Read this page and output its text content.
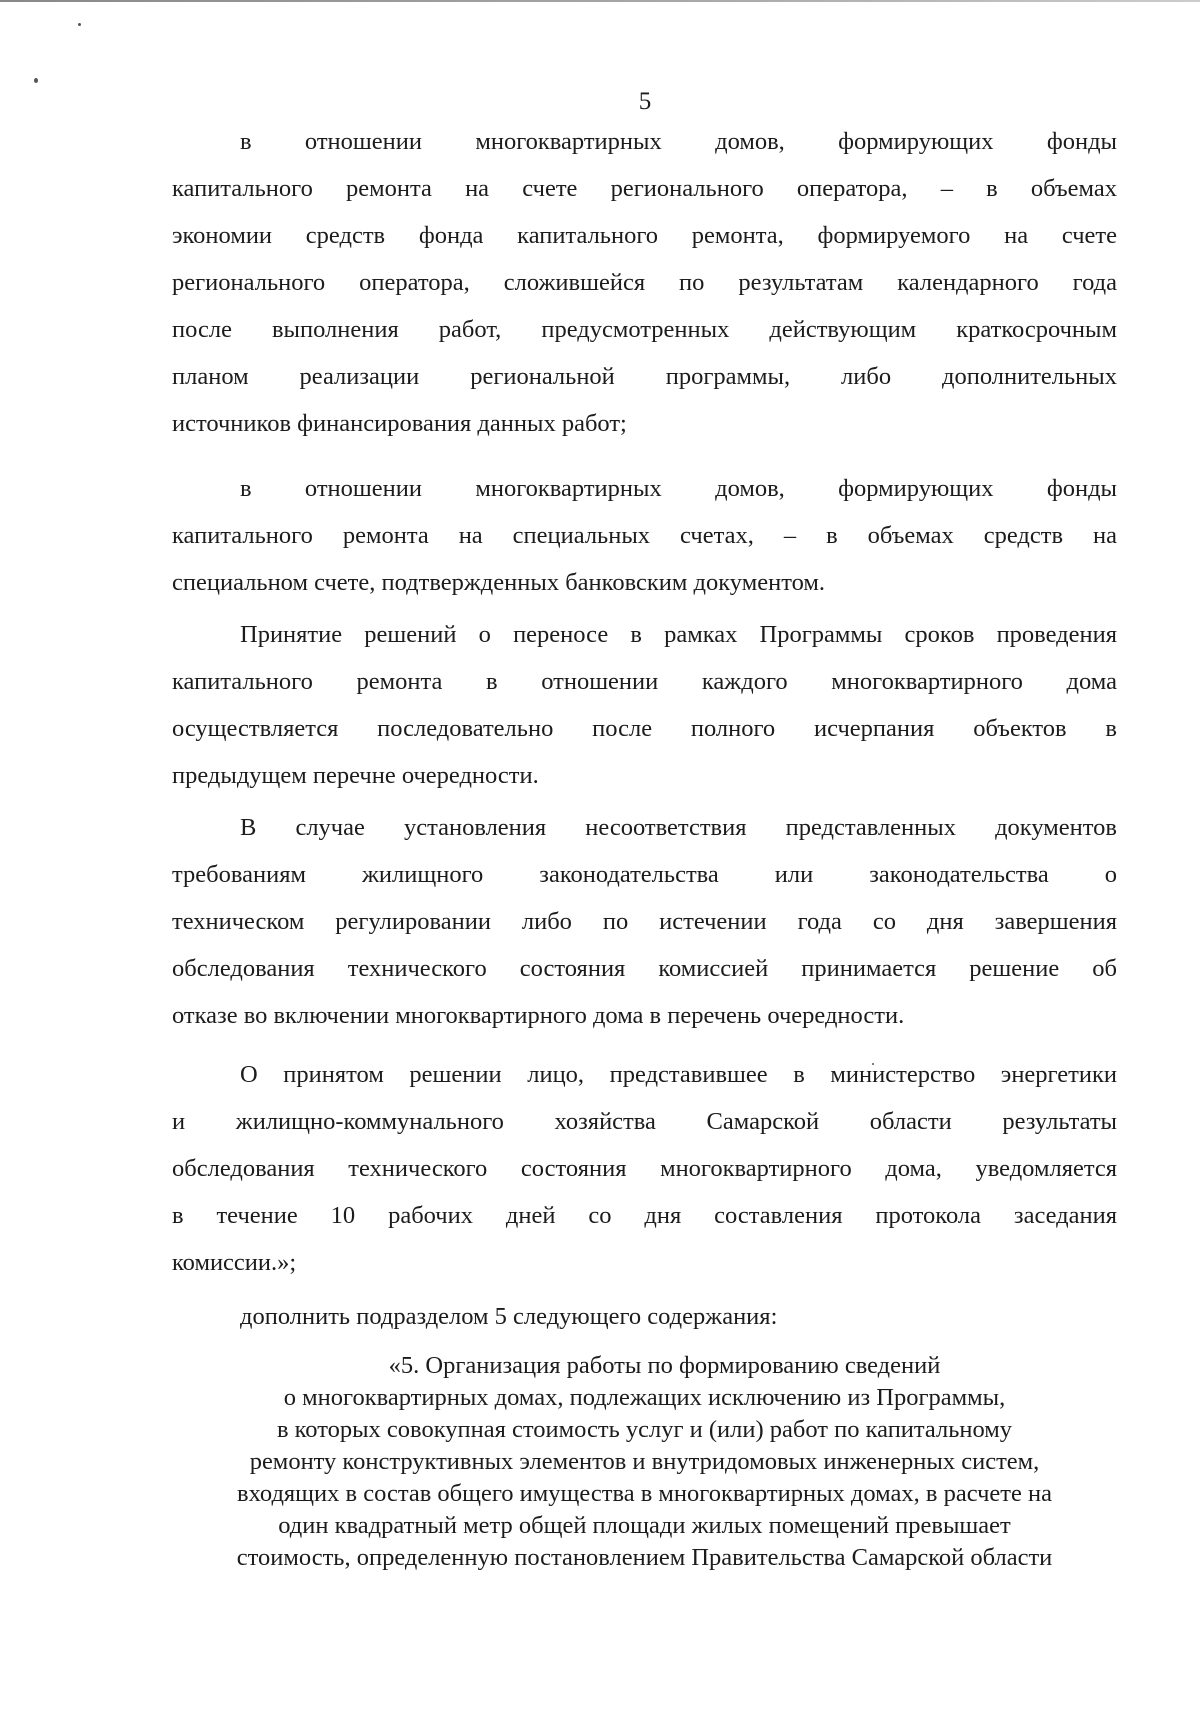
5

в отношении многоквартирных домов, формирующих фонды

капитального ремонта на счете регионального оператора, – в объемах

экономии средств фонда капитального ремонта, формируемого на счете

регионального оператора, сложившейся по результатам календарного года

после выполнения работ, предусмотренных действующим краткосрочным

планом реализации региональной программы, либо дополнительных

источников финансирования данных работ;

в отношении многоквартирных домов, формирующих фонды

капитального ремонта на специальных счетах, – в объемах средств на

специальном счете, подтвержденных банковским документом.

Принятие решений о переносе в рамках Программы сроков проведения

капитального ремонта в отношении каждого многоквартирного дома

осуществляется последовательно после полного исчерпания объектов в

предыдущем перечне очередности.

В случае установления несоответствия представленных документов

требованиям жилищного законодательства или законодательства о

техническом регулировании либо по истечении года со дня завершения

обследования технического состояния комиссией принимается решение об

отказе во включении многоквартирного дома в перечень очередности.

О принятом решении лицо, представившее в министерство энергетики

и жилищно-коммунального хозяйства Самарской области результаты

обследования технического состояния многоквартирного дома, уведомляется

в течение 10 рабочих дней со дня составления протокола заседания

комиссии.»;

дополнить подразделом 5 следующего содержания:

«5. Организация работы по формированию сведений

о многоквартирных домах, подлежащих исключению из Программы,

в которых совокупная стоимость услуг и (или) работ по капитальному

ремонту конструктивных элементов и внутридомовых инженерных систем,

входящих в состав общего имущества в многоквартирных домах, в расчете на

один квадратный метр общей площади жилых помещений превышает

стоимость, определенную постановлением Правительства Самарской области
